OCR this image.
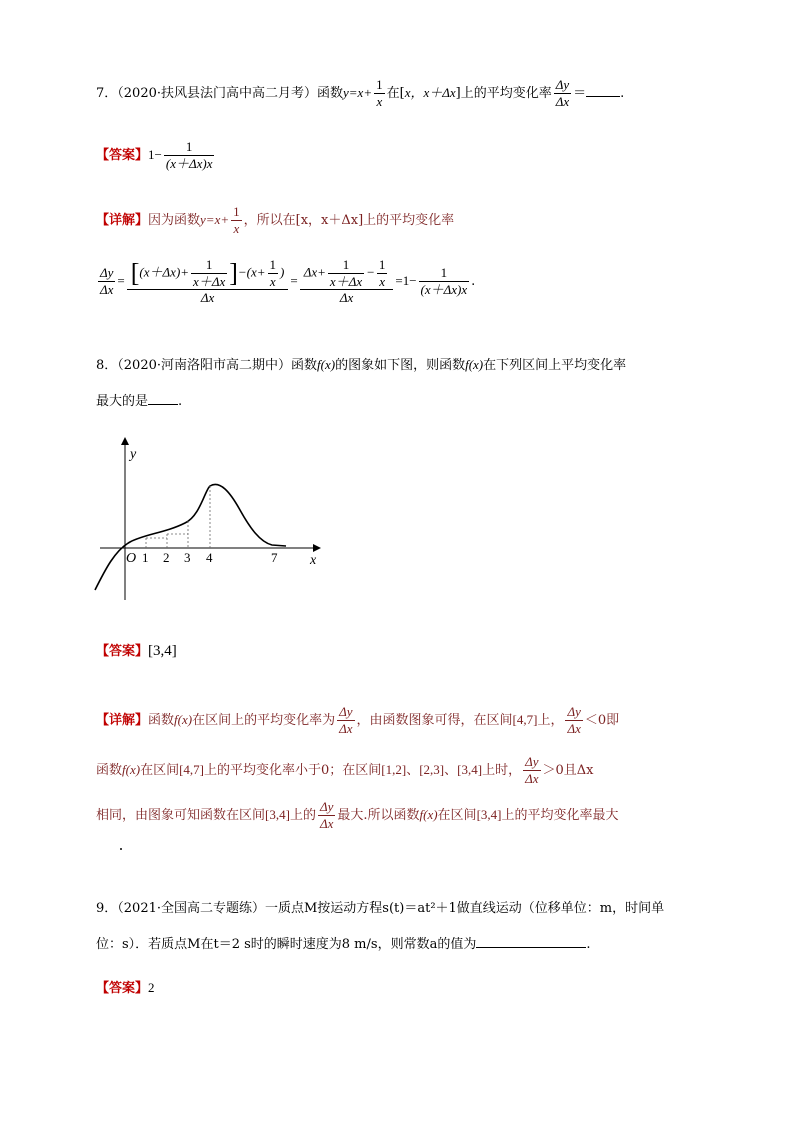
7．（2020·扶风县法门高中高二月考）函数$y=x+ \frac{1}{x}$ 在[x，x＋Δx]上的平均变化率 $\frac{\Delta y}{\Delta x}$ ＝	.
【答案】$1- \frac{1}{(x+\Delta x)x}$
【详解】因为函数$y=x+ \frac{1}{x}$ ，所以在[x，x＋Δx]上的平均变化率
$\frac{\Delta y}{\Delta x} = \frac{[(x+\Delta x)+ \frac{1}{x+\Delta x} ]-(x+ \frac{1}{x} )}{\Delta x} = \frac{\Delta x+ \frac{1}{x+\Delta x} - \frac{1}{x}}{\Delta x} =1- \frac{1}{(x+\Delta x)x}$ .
8．（2020·河南洛阳市高二期中）函数f(x)的图象如下图，则函数f(x)在下列区间上平均变化率
最大的是 .
y
x
O 1 2 3 4	7
【答案】[3,4]
【详解】函数f(x)在区间上的平均变化率为 $\frac{\Delta y}{\Delta x}$ ，由函数图象可得，在区间[4,7]上， $\frac{\Delta y}{\Delta x} <0$即
函数f(x)在区间[4,7]上的平均变化率小于0；在区间[1,2]、[2,3]、[3,4]上时， $\frac{\Delta y}{\Delta x} >0$且Δx
相同，由图象可知函数在区间[3,4]上的 $\frac{\Delta y}{\Delta x}$ 最大.所以函数f(x)在区间[3,4]上的平均变化率最大
9．（2021·全国高二专题练）一质点M按运动方程s(t)＝at²＋1做直线运动（位移单位：m，时间单
位：s）．若质点M在t＝2 s时的瞬时速度为8 m/s，则常数a的值为	.
【答案】2
